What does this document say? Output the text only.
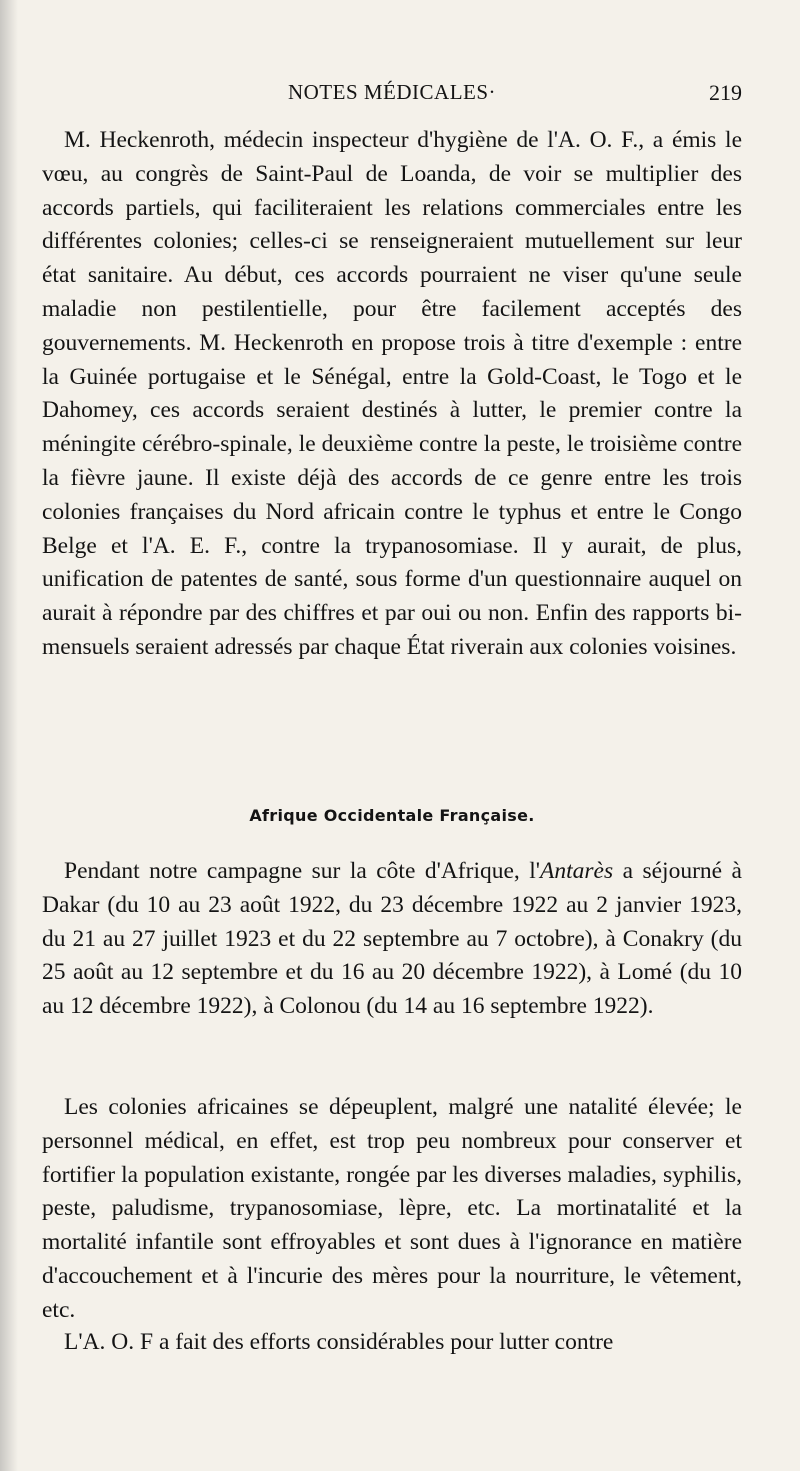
NOTES MÉDICALES·	219

M. Heckenroth, médecin inspecteur d'hygiène de l'A. O. F., a émis le vœu, au congrès de Saint-Paul de Loanda, de voir se multiplier des accords partiels, qui faciliteraient les relations commerciales entre les différentes colonies; celles-ci se renseigneraient mutuellement sur leur état sanitaire. Au début, ces accords pourraient ne viser qu'une seule maladie non pestilentielle, pour être facilement acceptés des gouvernements. M. Heckenroth en propose trois à titre d'exemple : entre la Guinée portugaise et le Sénégal, entre la Gold-Coast, le Togo et le Dahomey, ces accords seraient destinés à lutter, le premier contre la méningite cérébro-spinale, le deuxième contre la peste, le troisième contre la fièvre jaune. Il existe déjà des accords de ce genre entre les trois colonies françaises du Nord africain contre le typhus et entre le Congo Belge et l'A. E. F., contre la trypanosomiase. Il y aurait, de plus, unification de patentes de santé, sous forme d'un questionnaire auquel on aurait à répondre par des chiffres et par oui ou non. Enfin des rapports bi-mensuels seraient adressés par chaque État riverain aux colonies voisines.

Afrique Occidentale Française.

Pendant notre campagne sur la côte d'Afrique, l'Antarès a séjourné à Dakar (du 10 au 23 août 1922, du 23 décembre 1922 au 2 janvier 1923, du 21 au 27 juillet 1923 et du 22 septembre au 7 octobre), à Conakry (du 25 août au 12 septembre et du 16 au 20 décembre 1922), à Lomé (du 10 au 12 décembre 1922), à Colonou (du 14 au 16 septembre 1922).

Les colonies africaines se dépeuplent, malgré une natalité élevée; le personnel médical, en effet, est trop peu nombreux pour conserver et fortifier la population existante, rongée par les diverses maladies, syphilis, peste, paludisme, trypanosomiase, lèpre, etc. La mortinatalité et la mortalité infantile sont effroyables et sont dues à l'ignorance en matière d'accouchement et à l'incurie des mères pour la nourriture, le vêtement, etc.

L'A. O. F a fait des efforts considérables pour lutter contre
